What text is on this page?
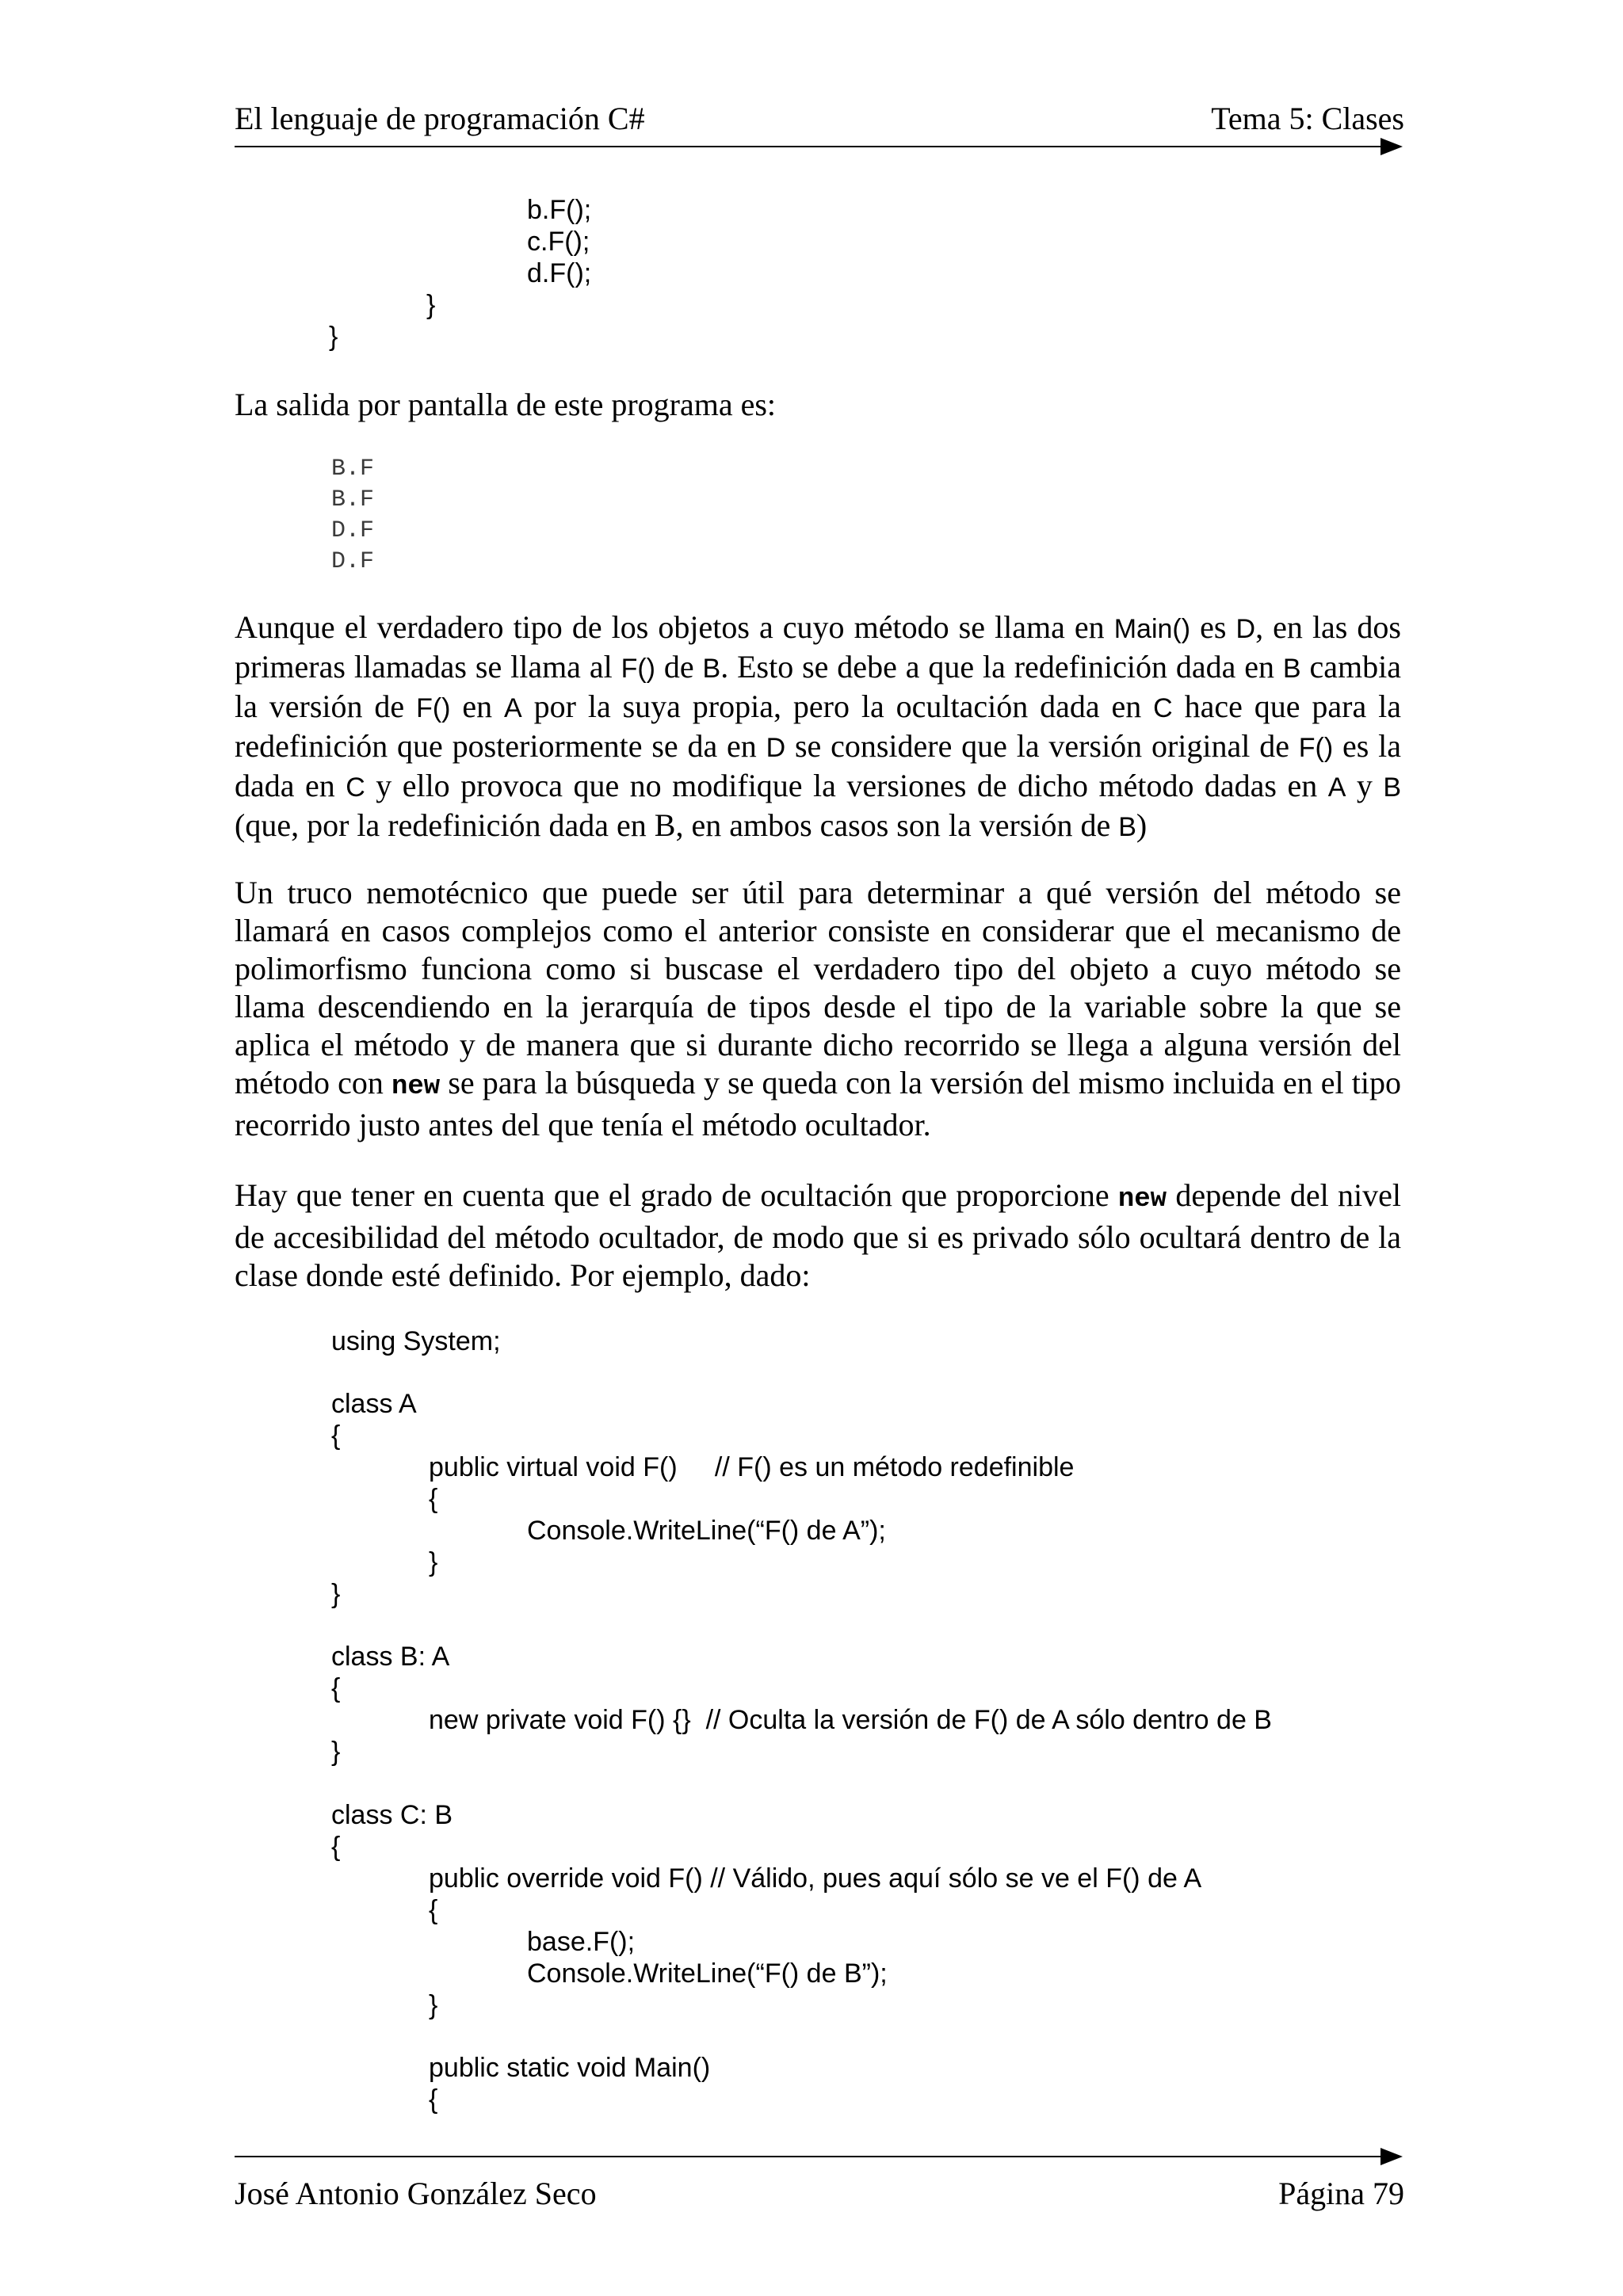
El lenguaje de programación C#	Tema 5: Clases
b.F();
c.F();
d.F();
}
}
La salida por pantalla de este programa es:
B.F
B.F
D.F
D.F
Aunque el verdadero tipo de los objetos a cuyo método se llama en Main() es D, en las dos primeras llamadas se llama al F() de B. Esto se debe a que la redefinición dada en B cambia la versión de F() en A por la suya propia, pero la ocultación dada en C hace que para la redefinición que posteriormente se da en D se considere que la versión original de F() es la dada en C y ello provoca que no modifique la versiones de dicho método dadas en A y B (que, por la redefinición dada en B, en ambos casos son la versión de B)
Un truco nemotécnico que puede ser útil para determinar a qué versión del método se llamará en casos complejos como el anterior consiste en considerar que el mecanismo de polimorfismo funciona como si buscase el verdadero tipo del objeto a cuyo método se llama descendiendo en la jerarquía de tipos desde el tipo de la variable sobre la que se aplica el método y de manera que si durante dicho recorrido se llega a alguna versión del método con new se para la búsqueda y se queda con la versión del mismo incluida en el tipo recorrido justo antes del que tenía el método ocultador.
Hay que tener en cuenta que el grado de ocultación que proporcione new depende del nivel de accesibilidad del método ocultador, de modo que si es privado sólo ocultará dentro de la clase donde esté definido. Por ejemplo, dado:
using System;
class A
{
public virtual void F()     // F() es un método redefinible
{
Console.WriteLine(“F() de A”);
}
}
class B: A
{
new private void F() {}  // Oculta la versión de F() de A sólo dentro de B
}
class C: B
{
public override void F() // Válido, pues aquí sólo se ve el F() de A
{
base.F();
Console.WriteLine(“F() de B”);
}
public static void Main()
{
José Antonio González Seco	Página 79
